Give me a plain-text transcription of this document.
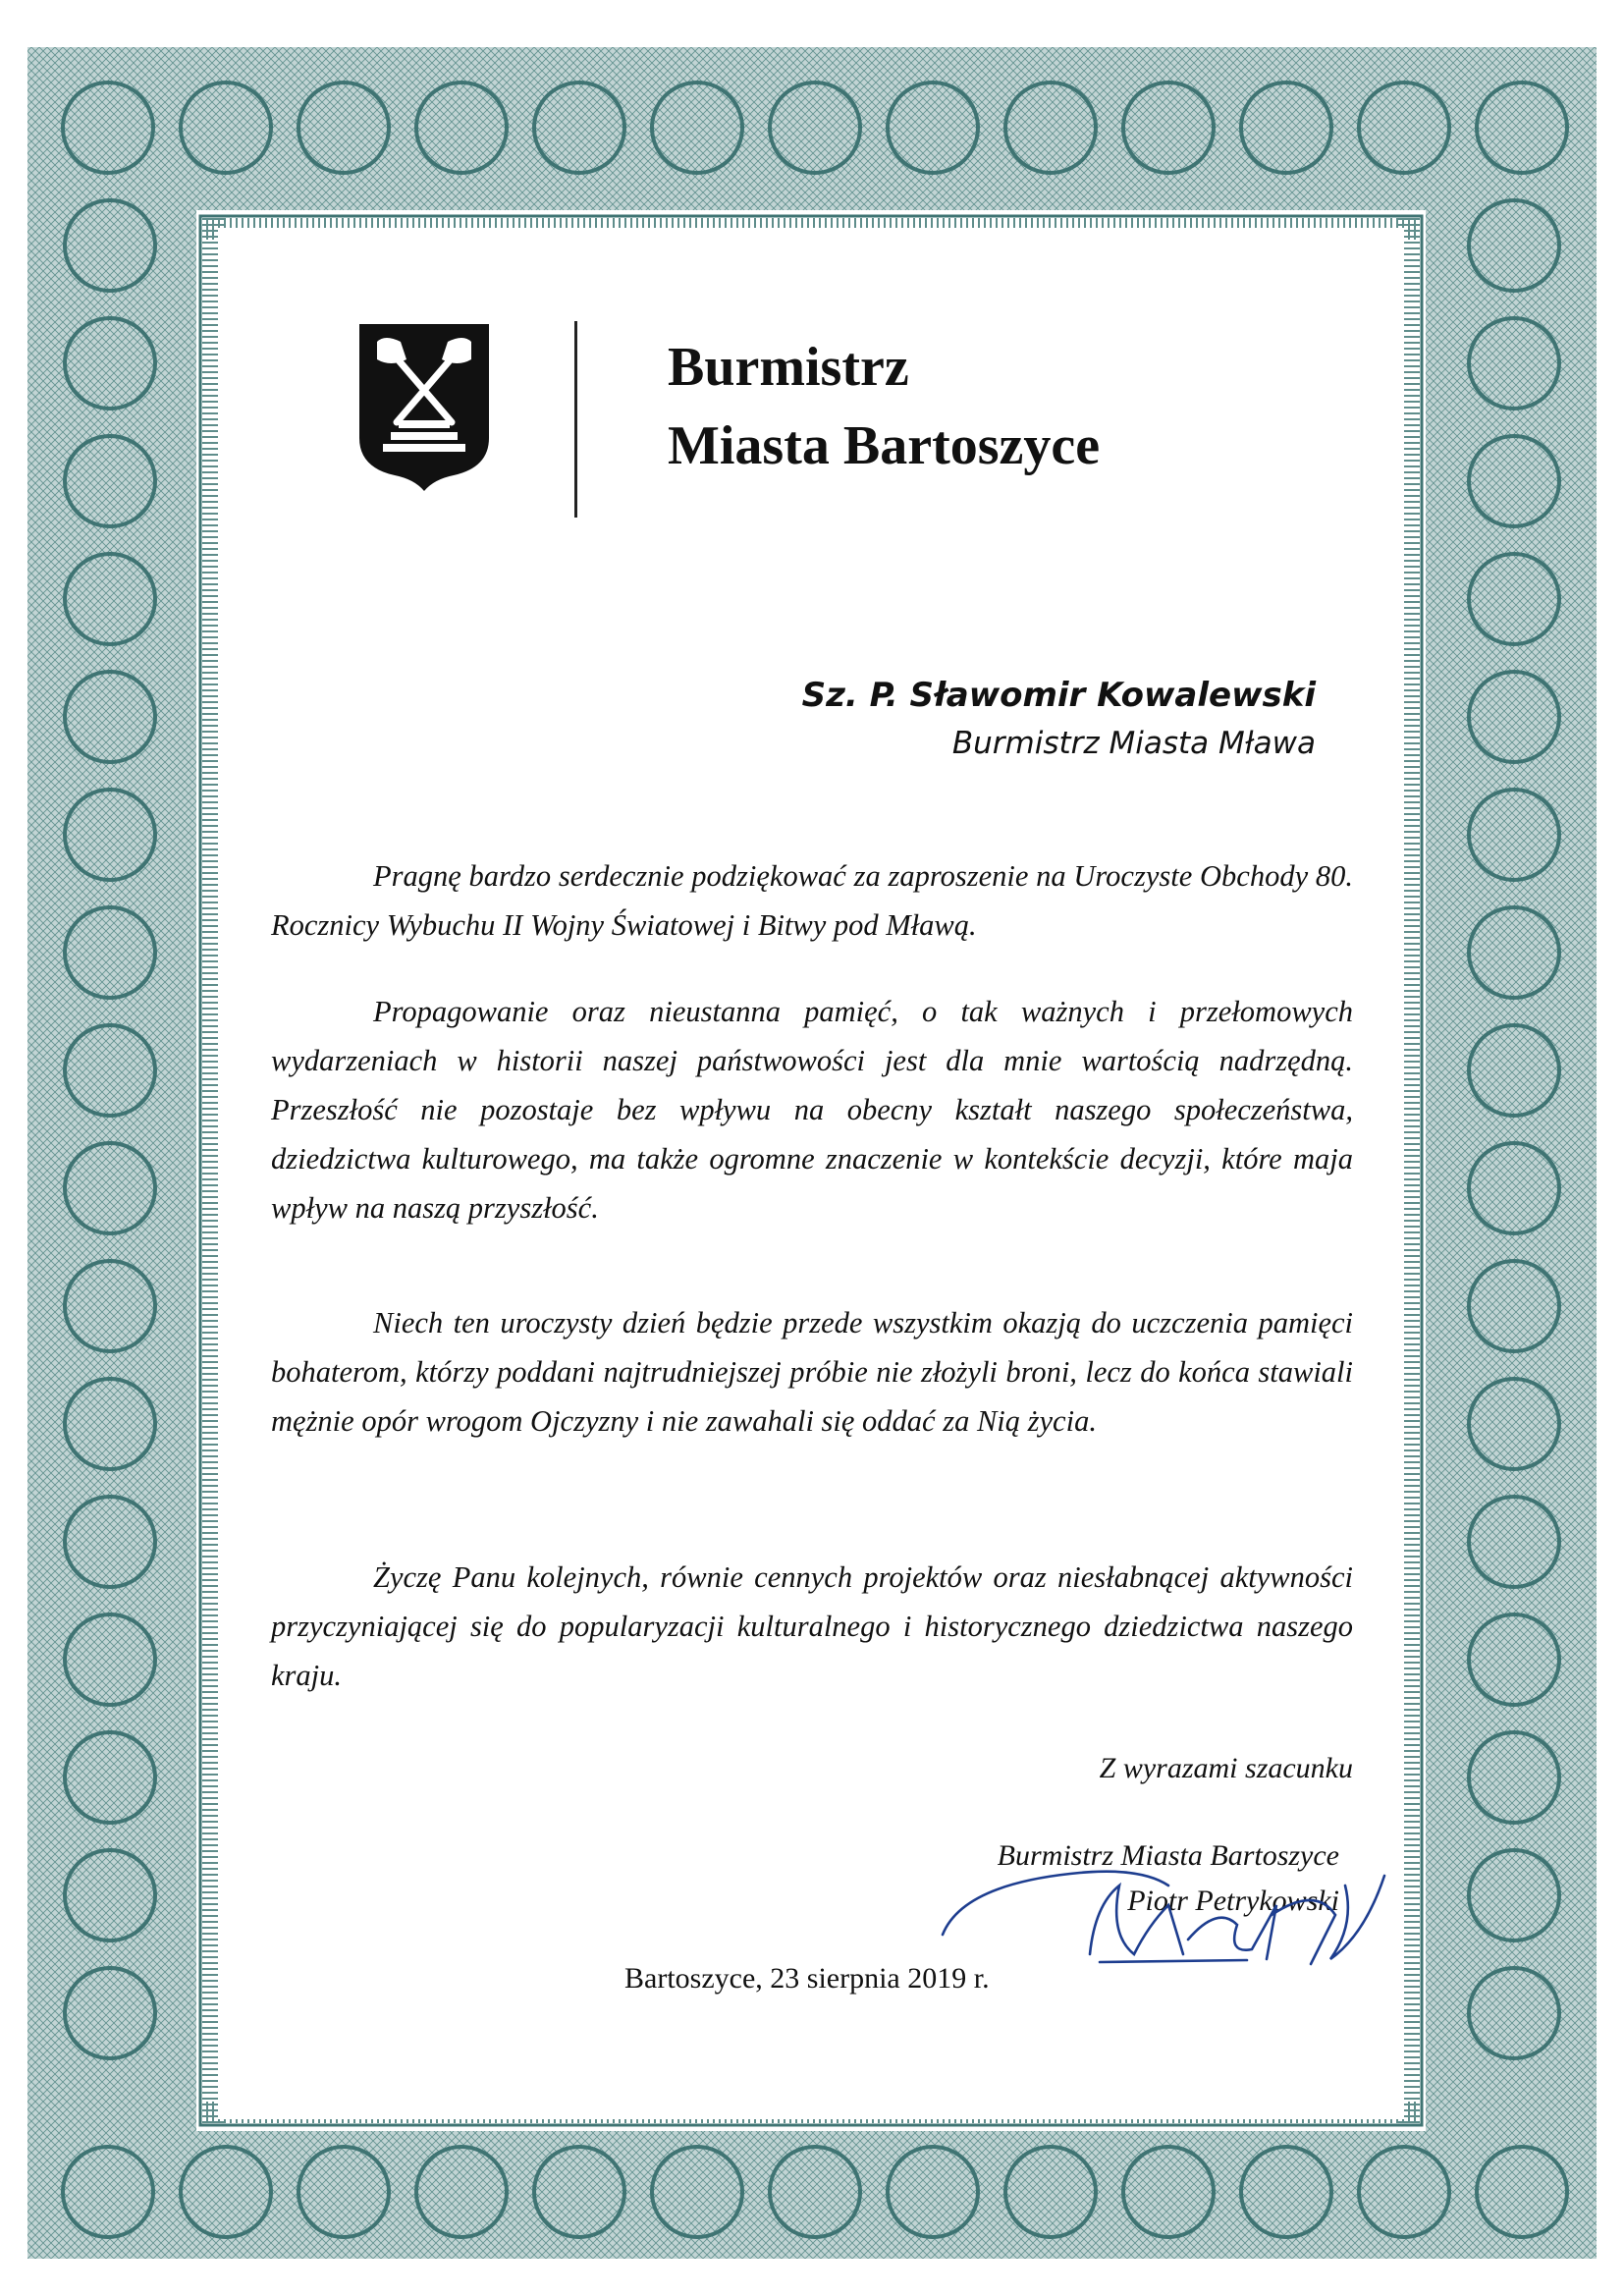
Burmistrz
Miasta Bartoszyce
Sz. P. Sławomir Kowalewski
Burmistrz Miasta Mława

Pragnę bardzo serdecznie podziękować za zaproszenie na Uroczyste Obchody 80. Rocznicy Wybuchu II Wojny Światowej i Bitwy pod Mławą.

Propagowanie oraz nieustanna pamięć, o tak ważnych i przełomowych wydarzeniach w historii naszej państwowości jest dla mnie wartością nadrzędną. Przeszłość nie pozostaje bez wpływu na obecny kształt naszego społeczeństwa, dziedzictwa kulturowego, ma także ogromne znaczenie w kontekście decyzji, które maja wpływ na naszą przyszłość.

Niech ten uroczysty dzień będzie przede wszystkim okazją do uczczenia pamięci bohaterom, którzy poddani najtrudniejszej próbie nie złożyli broni, lecz do końca stawiali mężnie opór wrogom Ojczyzny i nie zawahali się oddać za Nią życia.

Życzę Panu kolejnych, równie cennych projektów oraz niesłabnącej aktywności przyczyniającej się do popularyzacji kulturalnego i historycznego dziedzictwa naszego kraju.

Z wyrazami szacunku
Burmistrz Miasta Bartoszyce
Piotr Petrykowski
Bartoszyce, 23 sierpnia 2019 r.
